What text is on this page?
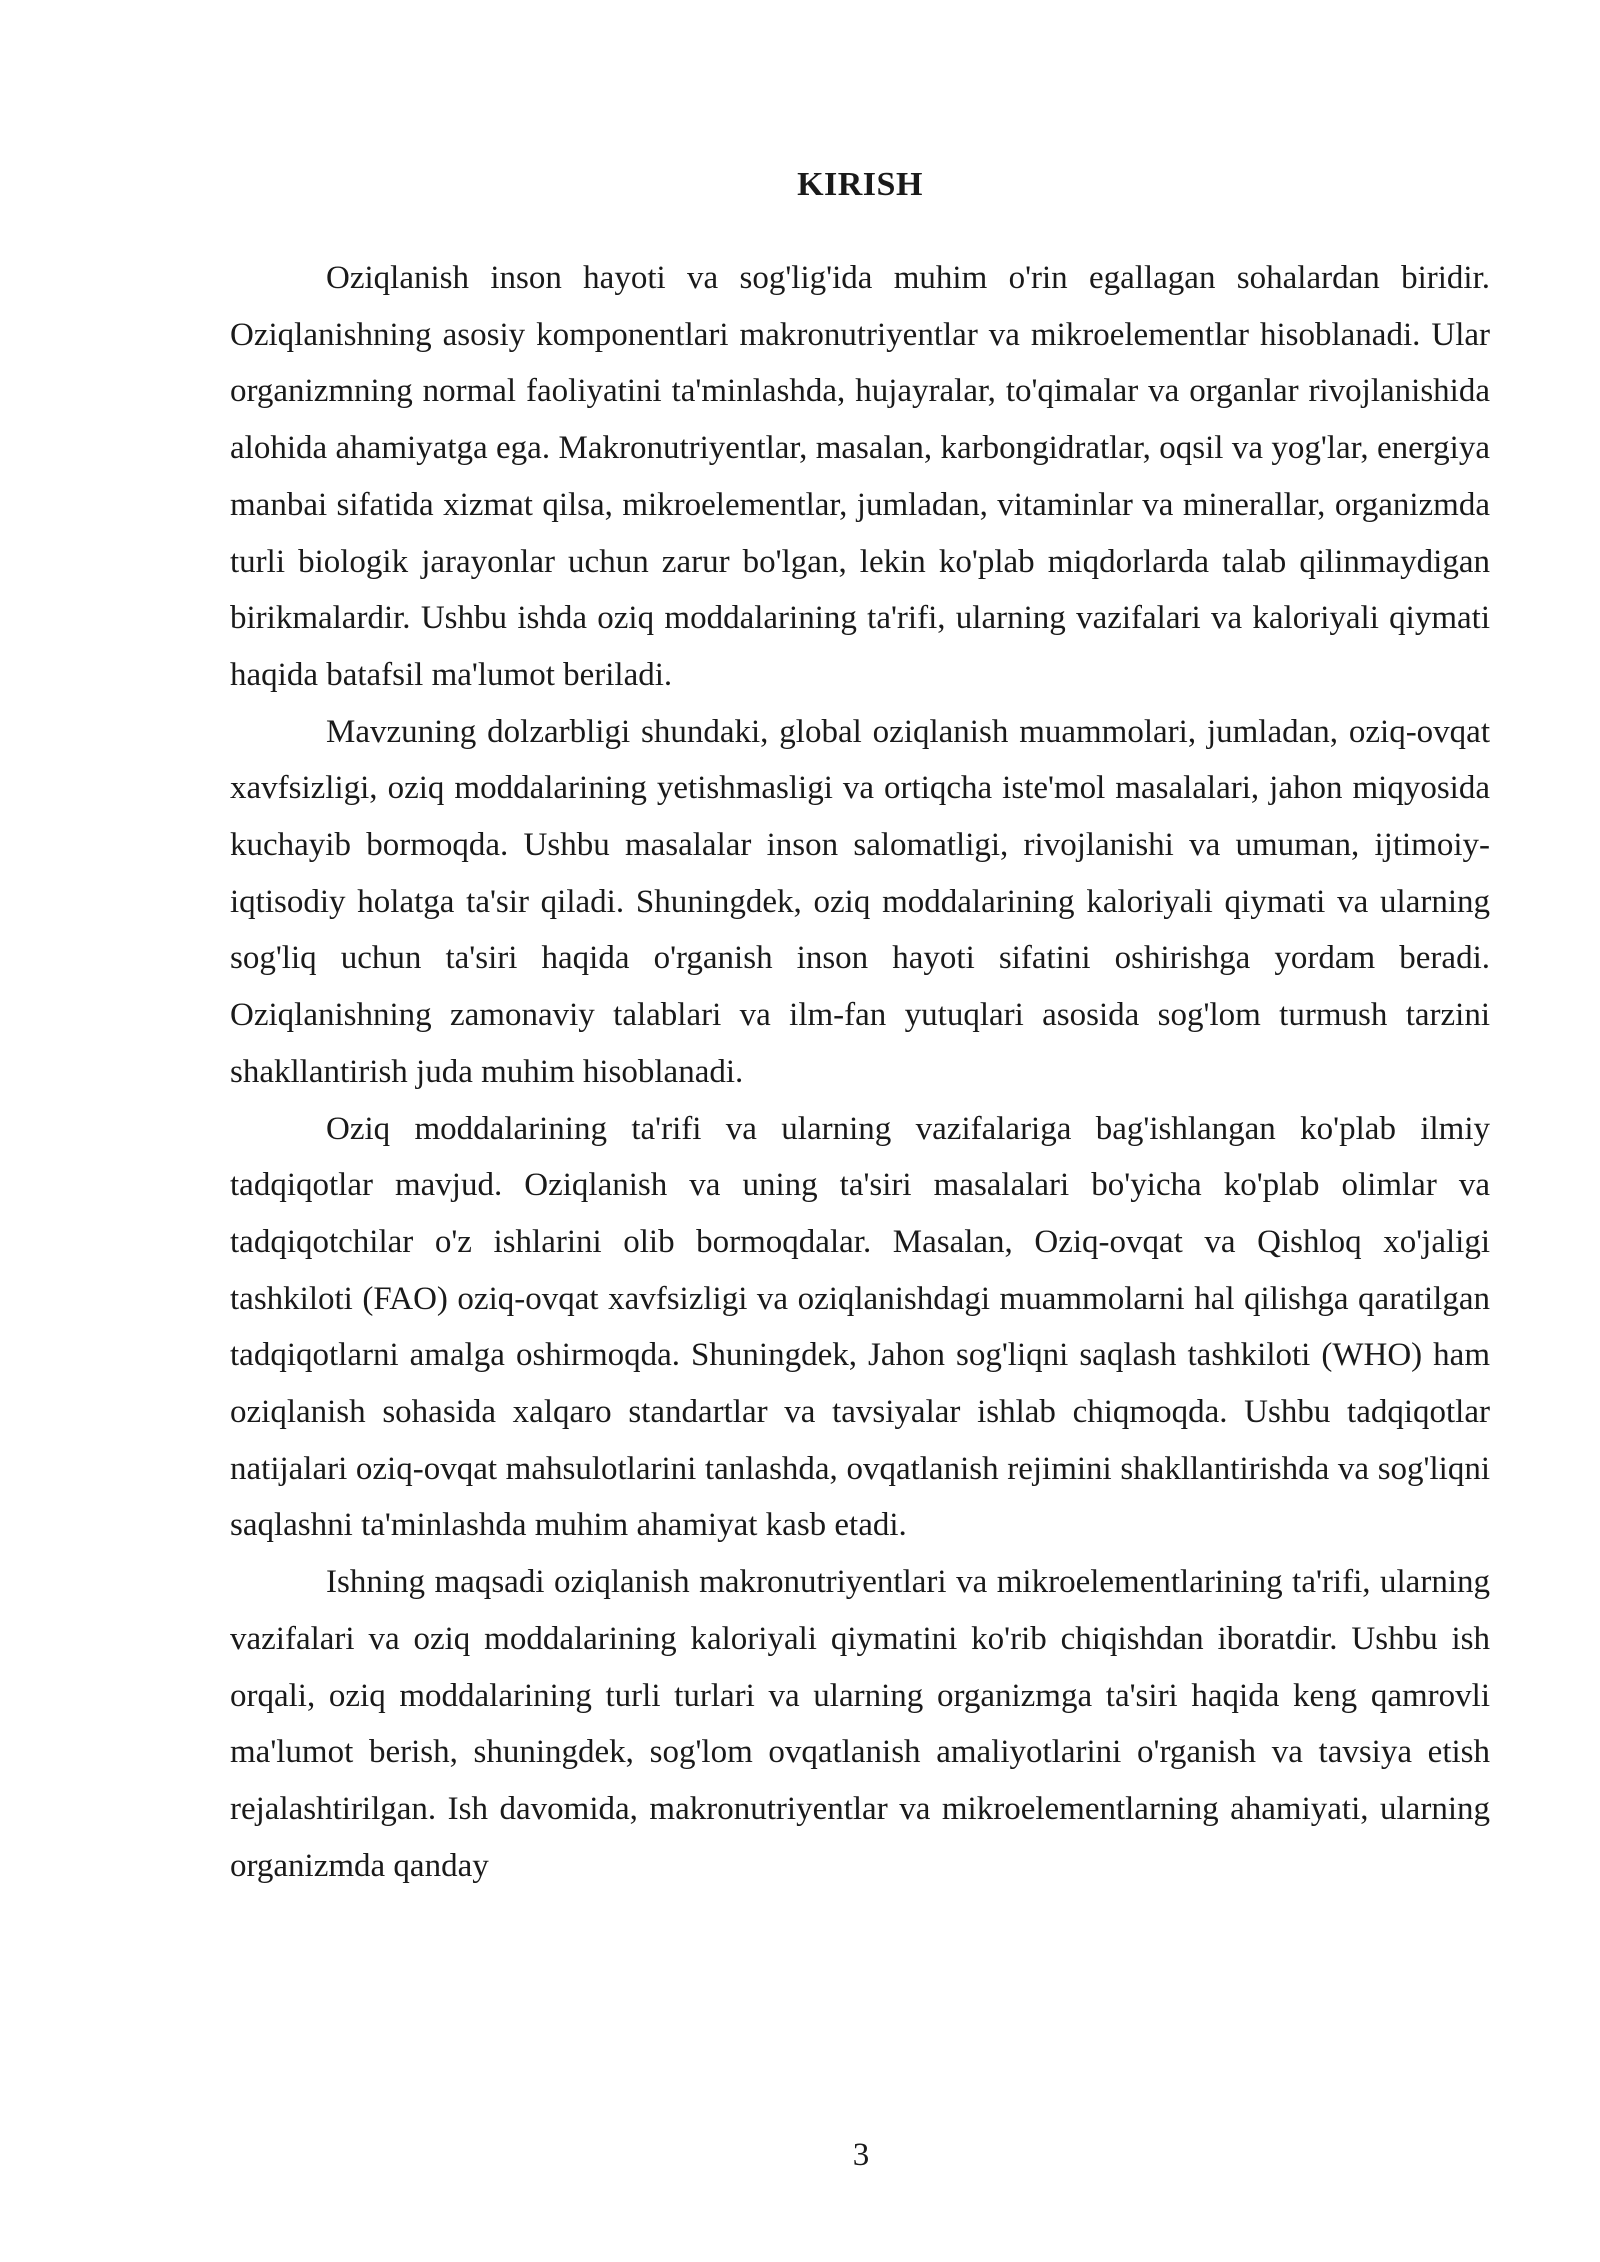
KIRISH

Oziqlanish inson hayoti va sog'lig'ida muhim o'rin egallagan sohalardan biridir. Oziqlanishning asosiy komponentlari makronutriyentlar va mikroelementlar hisoblanadi. Ular organizmning normal faoliyatini ta'minlashda, hujayralar, to'qimalar va organlar rivojlanishida alohida ahamiyatga ega. Makronutriyentlar, masalan, karbongidratlar, oqsil va yog'lar, energiya manbai sifatida xizmat qilsa, mikroelementlar, jumladan, vitaminlar va minerallar, organizmda turli biologik jarayonlar uchun zarur bo'lgan, lekin ko'plab miqdorlarda talab qilinmaydigan birikmalardir. Ushbu ishda oziq moddalarining ta'rifi, ularning vazifalari va kaloriyali qiymati haqida batafsil ma'lumot beriladi.

Mavzuning dolzarbligi shundaki, global oziqlanish muammolari, jumladan, oziq-ovqat xavfsizligi, oziq moddalarining yetishmasligi va ortiqcha iste'mol masalalari, jahon miqyosida kuchayib bormoqda. Ushbu masalalar inson salomatligi, rivojlanishi va umuman, ijtimoiy-iqtisodiy holatga ta'sir qiladi. Shuningdek, oziq moddalarining kaloriyali qiymati va ularning sog'liq uchun ta'siri haqida o'rganish inson hayoti sifatini oshirishga yordam beradi. Oziqlanishning zamonaviy talablari va ilm-fan yutuqlari asosida sog'lom turmush tarzini shakllantirish juda muhim hisoblanadi.

Oziq moddalarining ta'rifi va ularning vazifalariga bag'ishlangan ko'plab ilmiy tadqiqotlar mavjud. Oziqlanish va uning ta'siri masalalari bo'yicha ko'plab olimlar va tadqiqotchilar o'z ishlarini olib bormoqdalar. Masalan, Oziq-ovqat va Qishloq xo'jaligi tashkiloti (FAO) oziq-ovqat xavfsizligi va oziqlanishdagi muammolarni hal qilishga qaratilgan tadqiqotlarni amalga oshirmoqda. Shuningdek, Jahon sog'liqni saqlash tashkiloti (WHO) ham oziqlanish sohasida xalqaro standartlar va tavsiyalar ishlab chiqmoqda. Ushbu tadqiqotlar natijalari oziq-ovqat mahsulotlarini tanlashda, ovqatlanish rejimini shakllantirishda va sog'liqni saqlashni ta'minlashda muhim ahamiyat kasb etadi.

Ishning maqsadi oziqlanish makronutriyentlari va mikroelementlarining ta'rifi, ularning vazifalari va oziq moddalarining kaloriyali qiymatini ko'rib chiqishdan iboratdir. Ushbu ish orqali, oziq moddalarining turli turlari va ularning organizmga ta'siri haqida keng qamrovli ma'lumot berish, shuningdek, sog'lom ovqatlanish amaliyotlarini o'rganish va tavsiya etish rejalashtirilgan. Ish davomida, makronutriyentlar va mikroelementlarning ahamiyati, ularning organizmda qanday

3
